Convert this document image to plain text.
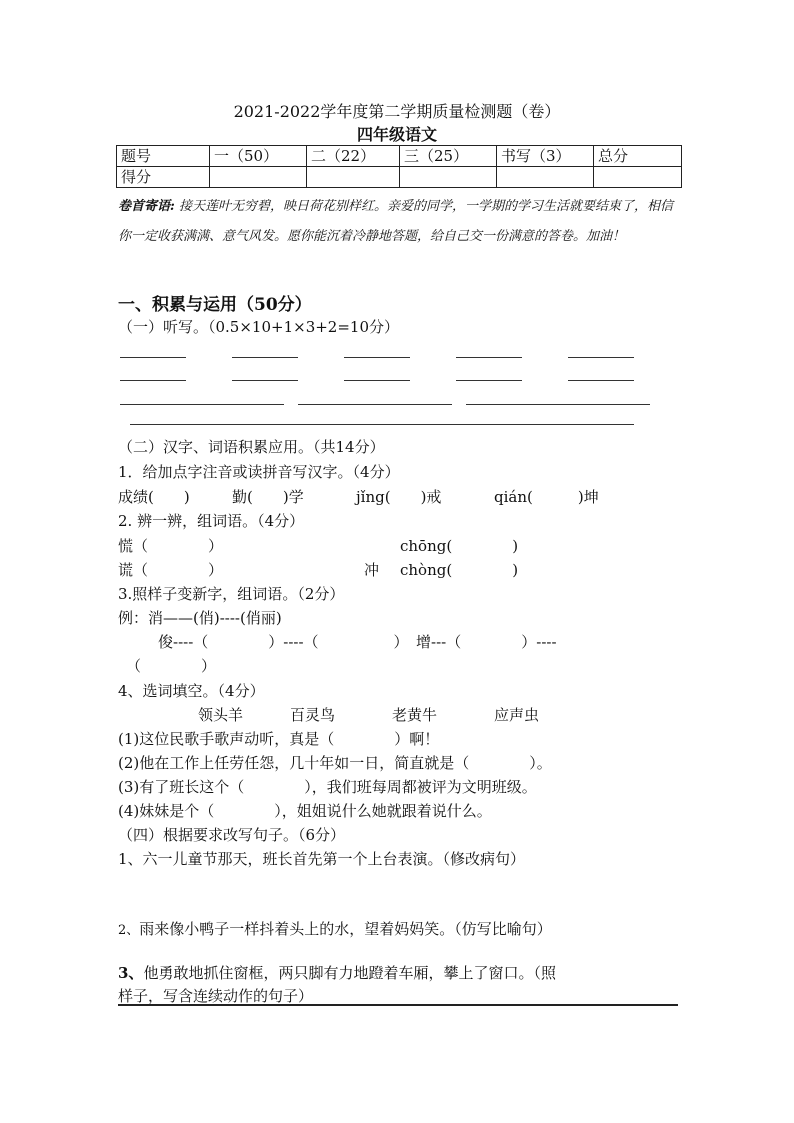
2021-2022学年度第二学期质量检测题（卷）
四年级语文
题号	一（50）	二（22）	三（25）	书写（3）	总分
得分					
卷首寄语: 接天莲叶无穷碧，映日荷花别样红。亲爱的同学，一学期的学习生活就要结束了，相信你一定收获满满、意气风发。愿你能沉着冷静地答题，给自己交一份满意的答卷。加油！
一、积累与运用（50分）
（一）听写。（0.5×10+1×3+2=10分）
（二）汉字、词语积累应用。（共14分）
1．给加点字注音或读拼音写汉字。（4分）
成绩(　　)	勤(　　)学	jǐng(　　)戒	qián(　　　)坤
2. 辨一辨，组词语。（4分）
慌（　　　　）	chōng(　　　　)
谎（　　　　）	冲 chòng(　　　　)
3.照样子变新字，组词语。（2分）
例：消——(俏)----(俏丽)
俊----（　　　　）----（　　　　　）　增---（　　　　）----
（　　　　）
4、选词填空。（4分）
领头羊	百灵鸟	老黄牛	应声虫
(1)这位民歌手歌声动听，真是（　　　　）啊！
(2)他在工作上任劳任怨，几十年如一日，简直就是（　　　　）。
(3)有了班长这个（　　　　），我们班每周都被评为文明班级。
(4)妹妹是个（　　　　），姐姐说什么她就跟着说什么。
（四）根据要求改写句子。（6分）
1、六一儿童节那天，班长首先第一个上台表演。（修改病句）
2、雨来像小鸭子一样抖着头上的水，望着妈妈笑。（仿写比喻句）
3、他勇敢地抓住窗框，两只脚有力地蹬着车厢，攀上了窗口。（照
样子，写含连续动作的句子）
